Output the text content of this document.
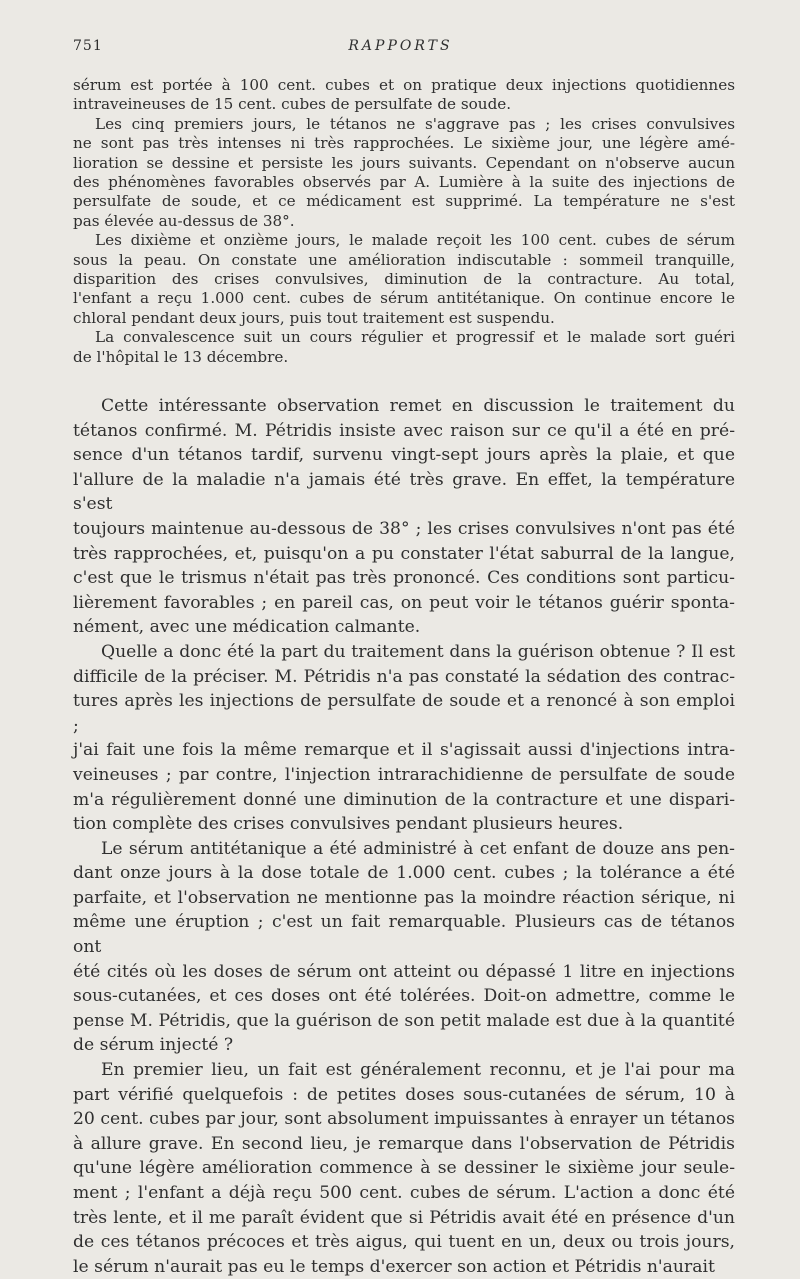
751	RAPPORTS
sérum est portée à 100 cent. cubes et on pratique deux injections quotidiennes
intraveineuses de 15 cent. cubes de persulfate de soude.
Les cinq premiers jours, le tétanos ne s'aggrave pas ; les crises convulsives
ne sont pas très intenses ni très rapprochées. Le sixième jour, une légère amé-
lioration se dessine et persiste les jours suivants. Cependant on n'observe aucun
des phénomènes favorables observés par A. Lumière à la suite des injections de
persulfate de soude, et ce médicament est supprimé. La température ne s'est
pas élevée au-dessus de 38°.
Les dixième et onzième jours, le malade reçoit les 100 cent. cubes de sérum
sous la peau. On constate une amélioration indiscutable : sommeil tranquille,
disparition des crises convulsives, diminution de la contracture. Au total,
l'enfant a reçu 1.000 cent. cubes de sérum antitétanique. On continue encore le
chloral pendant deux jours, puis tout traitement est suspendu.
La convalescence suit un cours régulier et progressif et le malade sort guéri
de l'hôpital le 13 décembre.
Cette intéressante observation remet en discussion le traitement du
tétanos confirmé. M. Pétridis insiste avec raison sur ce qu'il a été en pré-
sence d'un tétanos tardif, survenu vingt-sept jours après la plaie, et que
l'allure de la maladie n'a jamais été très grave. En effet, la température s'est
toujours maintenue au-dessous de 38° ; les crises convulsives n'ont pas été
très rapprochées, et, puisqu'on a pu constater l'état saburral de la langue,
c'est que le trismus n'était pas très prononcé. Ces conditions sont particu-
lièrement favorables ; en pareil cas, on peut voir le tétanos guérir sponta-
nément, avec une médication calmante.
Quelle a donc été la part du traitement dans la guérison obtenue ? Il est
difficile de la préciser. M. Pétridis n'a pas constaté la sédation des contrac-
tures après les injections de persulfate de soude et a renoncé à son emploi ;
j'ai fait une fois la même remarque et il s'agissait aussi d'injections intra-
veineuses ; par contre, l'injection intrarachidienne de persulfate de soude
m'a régulièrement donné une diminution de la contracture et une dispari-
tion complète des crises convulsives pendant plusieurs heures.
Le sérum antitétanique a été administré à cet enfant de douze ans pen-
dant onze jours à la dose totale de 1.000 cent. cubes ; la tolérance a été
parfaite, et l'observation ne mentionne pas la moindre réaction sérique, ni
même une éruption ; c'est un fait remarquable. Plusieurs cas de tétanos ont
été cités où les doses de sérum ont atteint ou dépassé 1 litre en injections
sous-cutanées, et ces doses ont été tolérées. Doit-on admettre, comme le
pense M. Pétridis, que la guérison de son petit malade est due à la quantité
de sérum injecté ?
En premier lieu, un fait est généralement reconnu, et je l'ai pour ma
part vérifié quelquefois : de petites doses sous-cutanées de sérum, 10 à
20 cent. cubes par jour, sont absolument impuissantes à enrayer un tétanos
à allure grave. En second lieu, je remarque dans l'observation de Pétridis
qu'une légère amélioration commence à se dessiner le sixième jour seule-
ment ; l'enfant a déjà reçu 500 cent. cubes de sérum. L'action a donc été
très lente, et il me paraît évident que si Pétridis avait été en présence d'un
de ces tétanos précoces et très aigus, qui tuent en un, deux ou trois jours,
le sérum n'aurait pas eu le temps d'exercer son action et Pétridis n'aurait
